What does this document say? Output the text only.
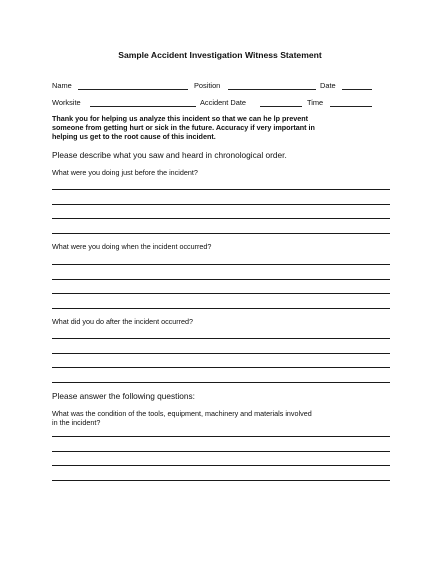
Sample Accident Investigation Witness Statement
Name	Position	Date
Worksite	Accident Date	Time
Thank you for helping us analyze this incident so that we can he lp prevent
someone from getting hurt or sick in the future. Accuracy if very important in
helping us get to the root cause of this incident.
Please describe what you saw and heard in chronological order.
What were you doing just before the incident?
What were you doing when the incident occurred?
What did you do after the incident occurred?
Please answer the following questions:
What was the condition of the tools, equipment, machinery and materials involved
in the incident?
